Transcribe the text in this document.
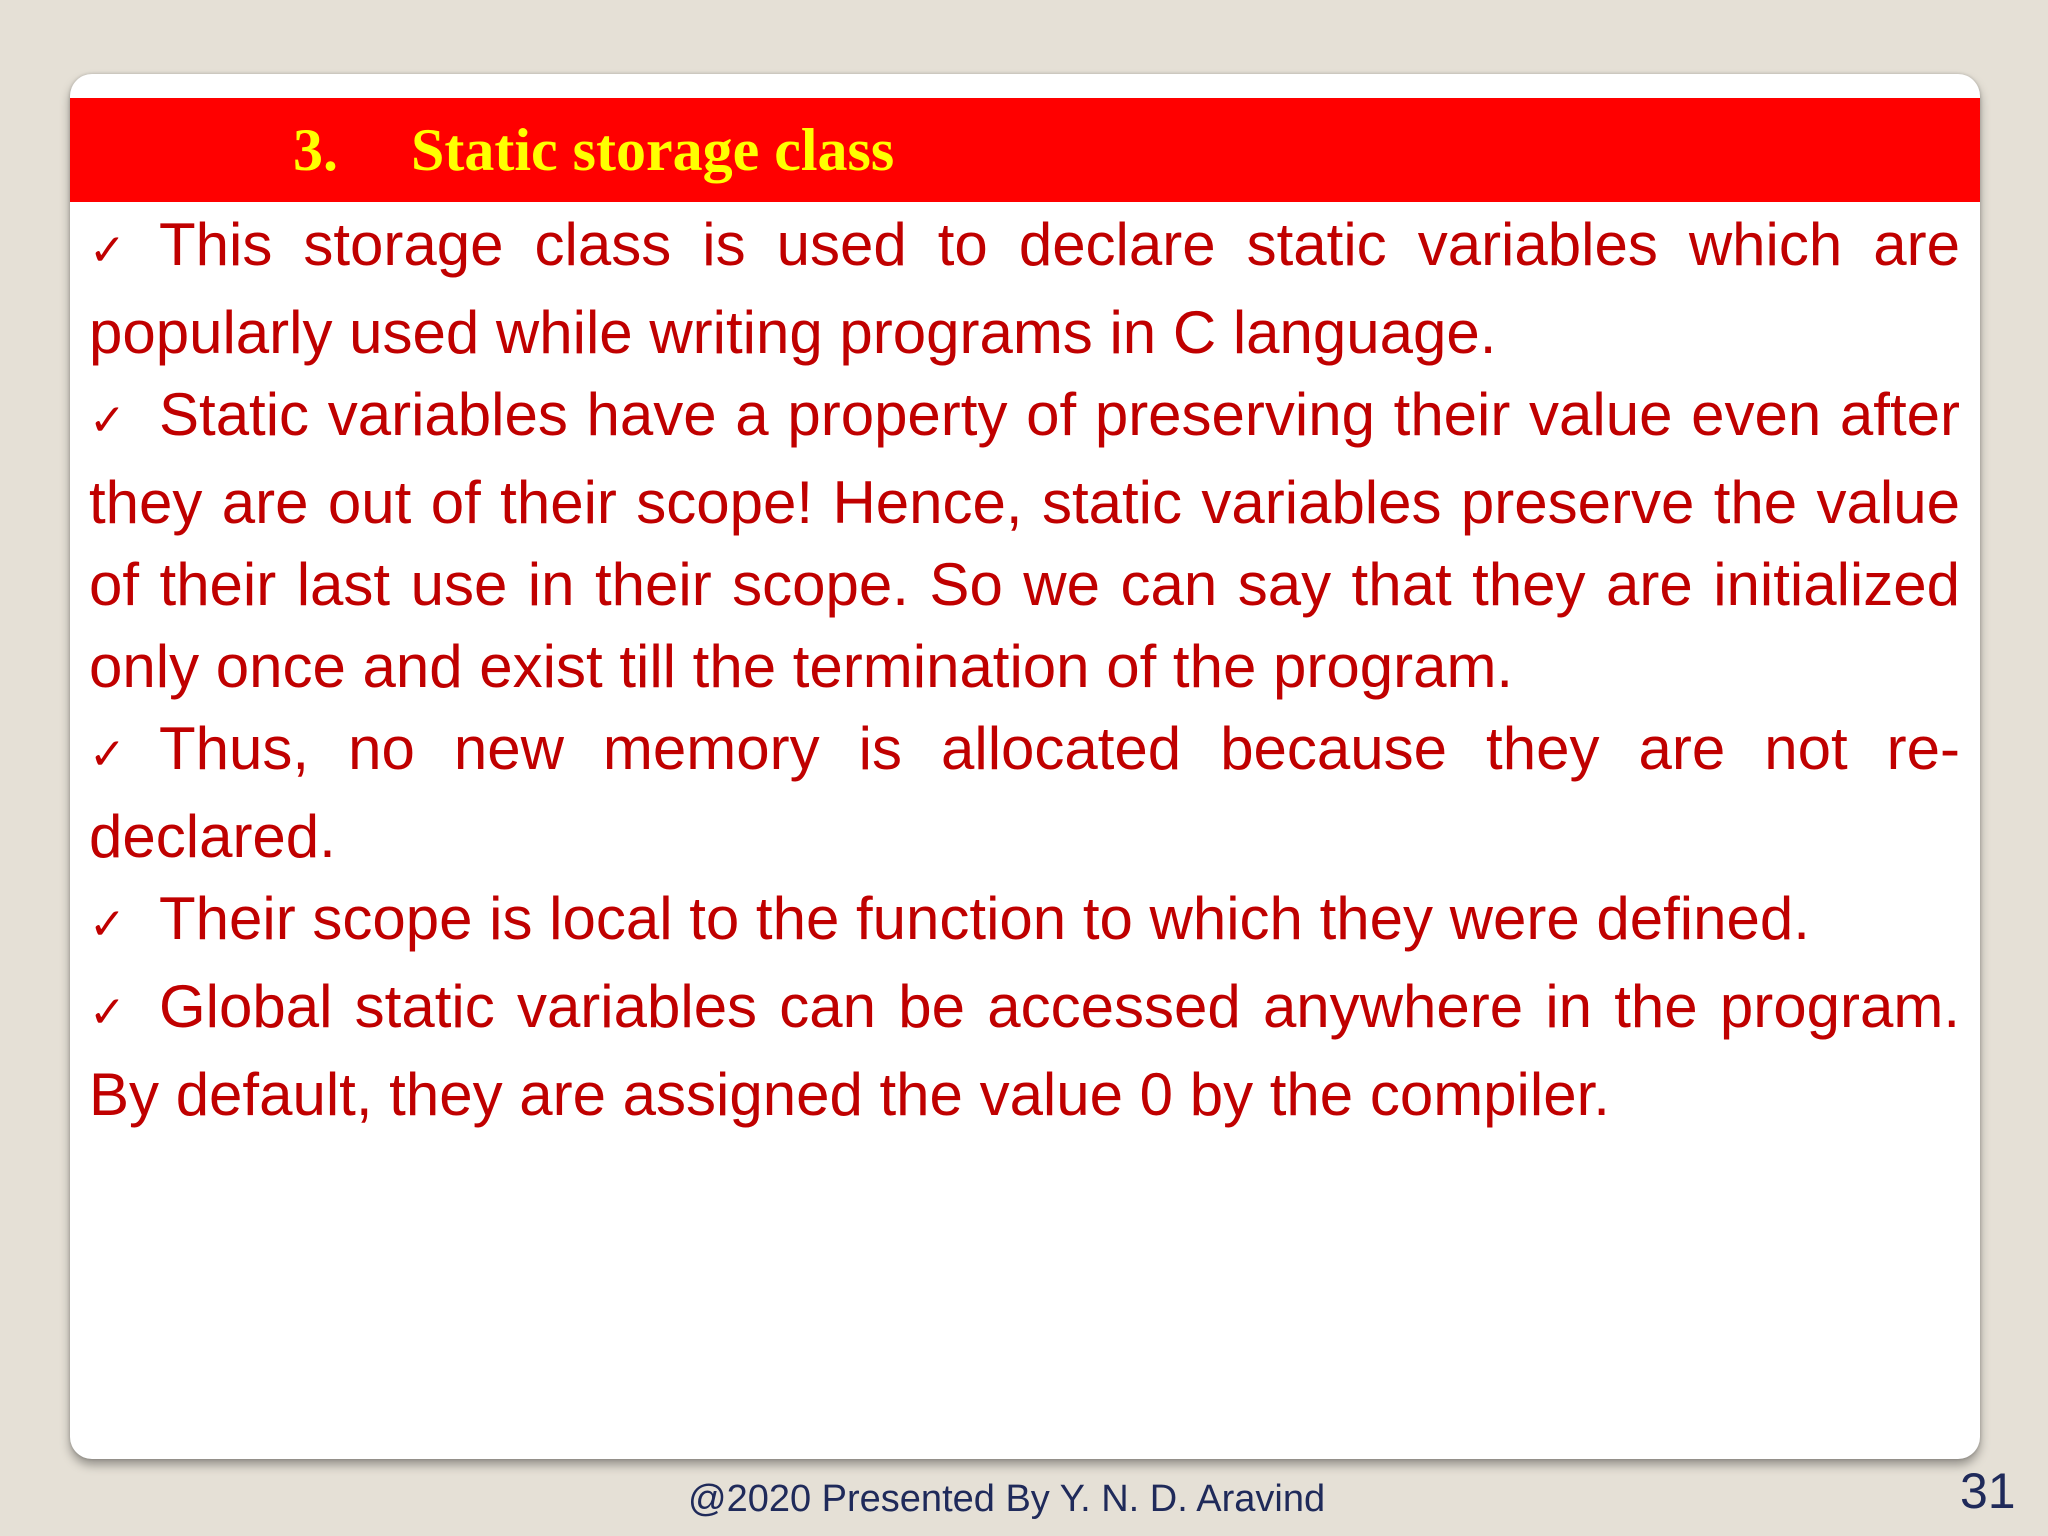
3. Static storage class

✓ This storage class is used to declare static variables which are popularly used while writing programs in C language.

✓ Static variables have a property of preserving their value even after they are out of their scope! Hence, static variables preserve the value of their last use in their scope. So we can say that they are initialized only once and exist till the termination of the program.

✓ Thus, no new memory is allocated because they are not re-declared.

✓ Their scope is local to the function to which they were defined.

✓ Global static variables can be accessed anywhere in the program. By default, they are assigned the value 0 by the compiler.

@2020 Presented By Y. N. D. Aravind	31
